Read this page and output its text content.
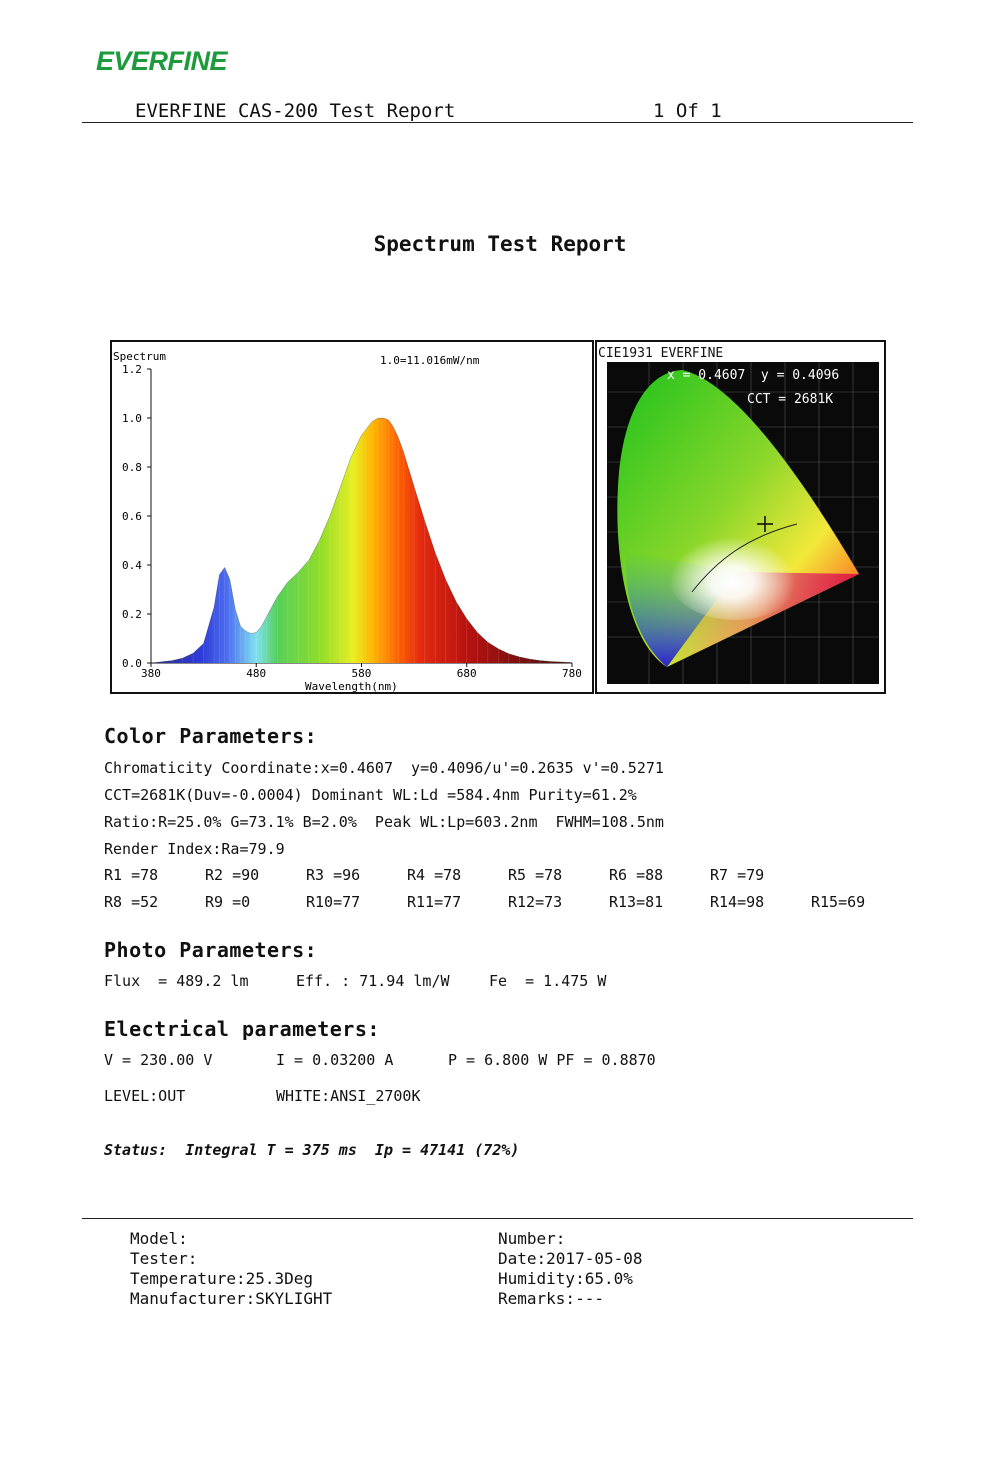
EVERFINE
EVERFINE CAS-200 Test Report	1 Of 1
Spectrum Test Report
Spectrum	1.0=11.016mW/nm
Wavelength(nm)
0.0
0.2
0.4
0.6
0.8
1.0
1.2
380	480	580	680	780
CIE1931 EVERFINE
x = 0.4607  y = 0.4096
CCT = 2681K
Color Parameters:
Chromaticity Coordinate:x=0.4607  y=0.4096/u'=0.2635 v'=0.5271
CCT=2681K(Duv=-0.0004) Dominant WL:Ld =584.4nm Purity=61.2%
Ratio:R=25.0% G=73.1% B=2.0%  Peak WL:Lp=603.2nm  FWHM=108.5nm
Render Index:Ra=79.9
R1 =78	R2 =90	R3 =96	R4 =78	R5 =78	R6 =88	R7 =79
R8 =52	R9 =0	R10=77	R11=77	R12=73	R13=81	R14=98	R15=69
Photo Parameters:
Flux  = 489.2 lm	Eff. : 71.94 lm/W	Fe  = 1.475 W
Electrical parameters:
V = 230.00 V	I = 0.03200 A	P = 6.800 W PF = 0.8870
LEVEL:OUT	WHITE:ANSI_2700K
Status:  Integral T = 375 ms  Ip = 47141 (72%)
Model:
Tester:
Temperature:25.3Deg
Manufacturer:SKYLIGHT
Number:
Date:2017-05-08
Humidity:65.0%
Remarks:---
